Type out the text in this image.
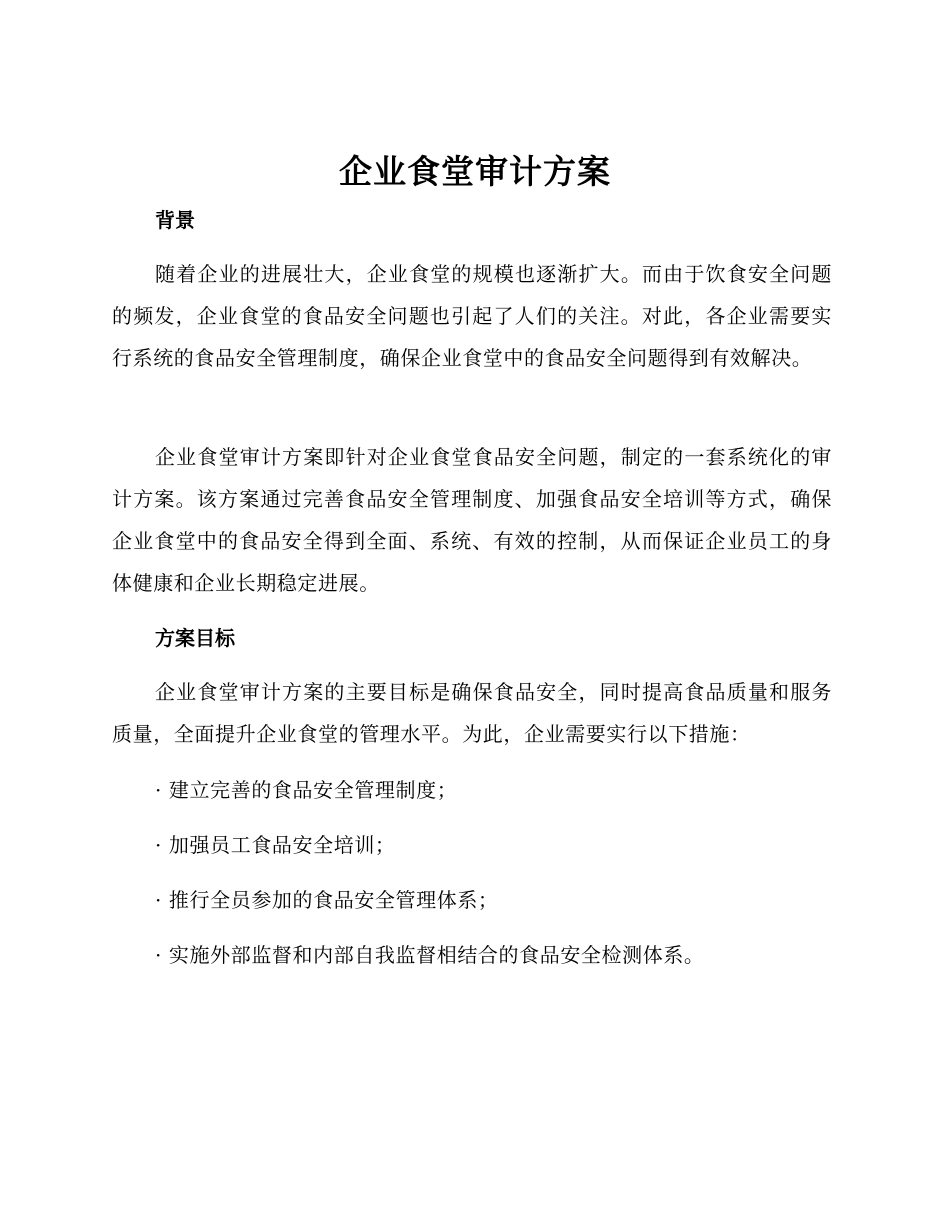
企业食堂审计方案
背景
随着企业的进展壮大，企业食堂的规模也逐渐扩大。而由于饮食安全问题的频发，企业食堂的食品安全问题也引起了人们的关注。对此，各企业需要实行系统的食品安全管理制度，确保企业食堂中的食品安全问题得到有效解决。
企业食堂审计方案即针对企业食堂食品安全问题，制定的一套系统化的审计方案。该方案通过完善食品安全管理制度、加强食品安全培训等方式，确保企业食堂中的食品安全得到全面、系统、有效的控制，从而保证企业员工的身体健康和企业长期稳定进展。
方案目标
企业食堂审计方案的主要目标是确保食品安全，同时提高食品质量和服务质量，全面提升企业食堂的管理水平。为此，企业需要实行以下措施：
· 建立完善的食品安全管理制度；
· 加强员工食品安全培训；
· 推行全员参加的食品安全管理体系；
· 实施外部监督和内部自我监督相结合的食品安全检测体系。
